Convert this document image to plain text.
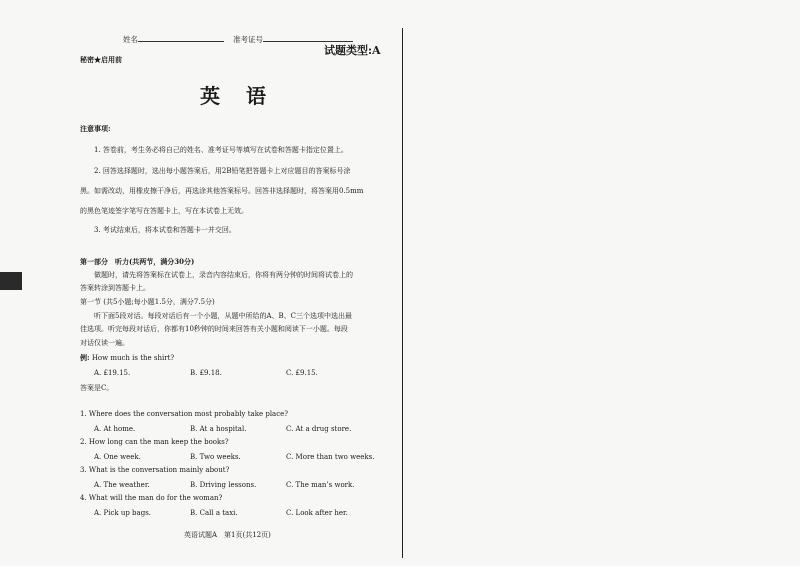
姓名	准考证号
试题类型:A
秘密★启用前
英语
注意事项:
1. 答卷前，考生务必将自己的姓名、准考证号等填写在试卷和答题卡指定位置上。
2. 回答选择题时，选出每小题答案后，用2B铅笔把答题卡上对应题目的答案标号涂
黑。如需改动，用橡皮擦干净后，再选涂其他答案标号。回答非选择题时，将答案用0.5mm
的黑色笔迹签字笔写在答题卡上，写在本试卷上无效。
3. 考试结束后，将本试卷和答题卡一并交回。
第一部分　听力(共两节，满分30分)
做题时，请先将答案标在试卷上，录音内容结束后，你将有两分钟的时间将试卷上的
答案转涂到答题卡上。
第一节 (共5小题;每小题1.5分，满分7.5分)
听下面5段对话。每段对话后有一个小题，从题中所给的A、B、C三个选项中选出最
佳选项。听完每段对话后，你都有10秒钟的时间来回答有关小题和阅读下一小题。每段
对话仅读一遍。
例: How much is the shirt?
A. £19.15.	B. £9.18.	C. £9.15.
答案是C。
1. Where does the conversation most probably take place?
A. At home.	B. At a hospital.	C. At a drug store.
2. How long can the man keep the books?
A. One week.	B. Two weeks.	C. More than two weeks.
3. What is the conversation mainly about?
A. The weather.	B. Driving lessons.	C. The man’s work.
4. What will the man do for the woman?
A. Pick up bags.	B. Call a taxi.	C. Look after her.
英语试题A　第1页(共12页)
